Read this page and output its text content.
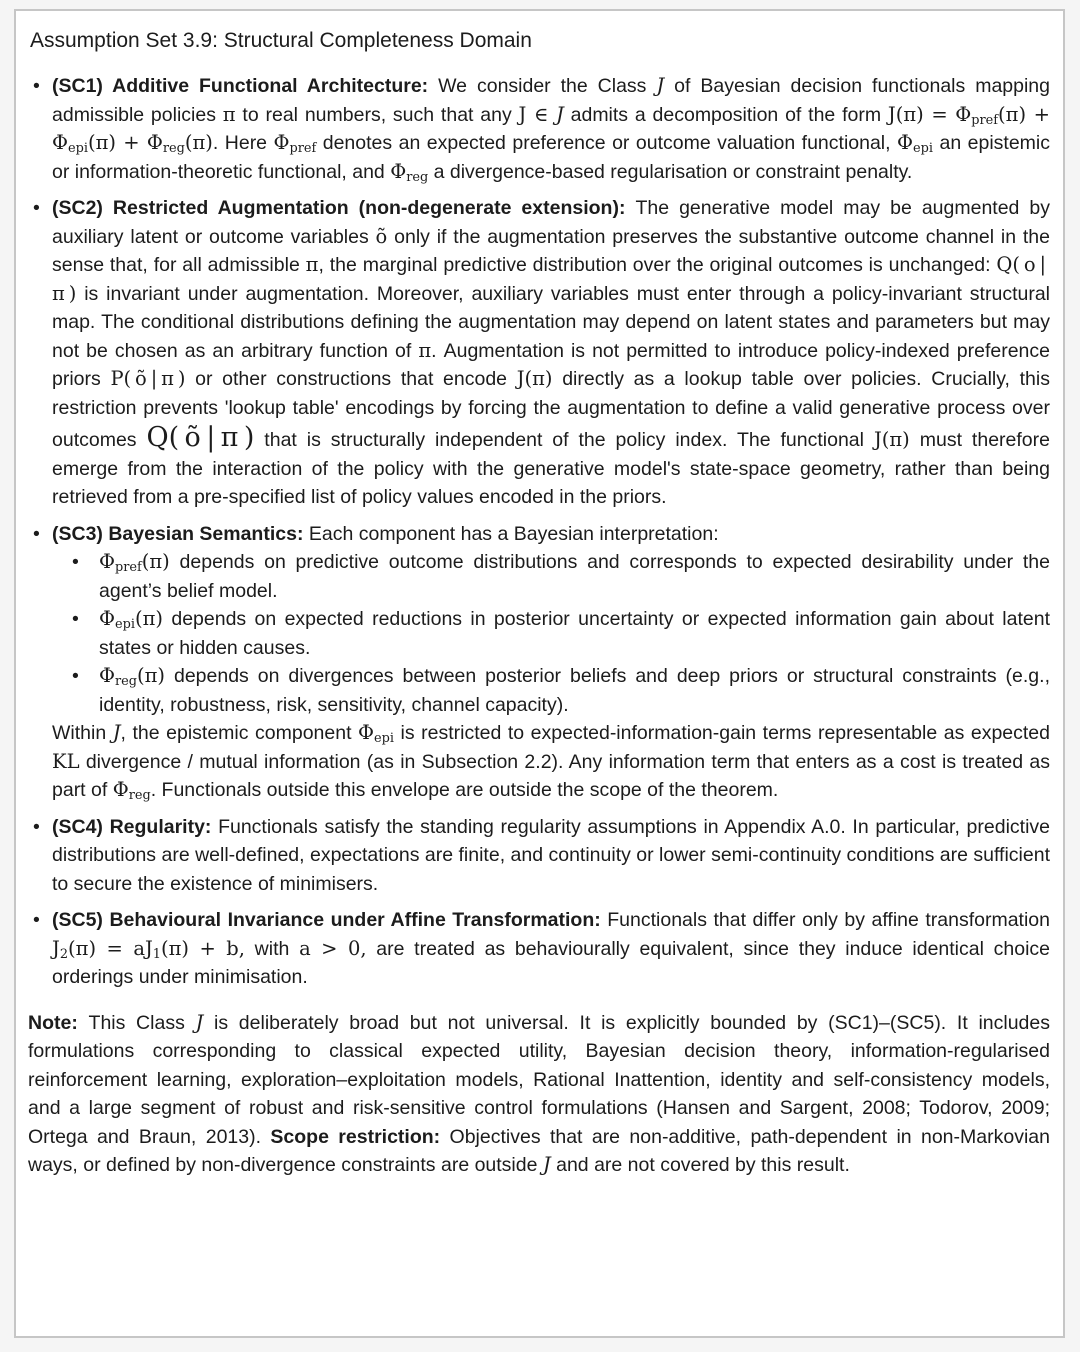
Assumption Set 3.9: Structural Completeness Domain
• (SC1) Additive Functional Architecture: We consider the Class J of Bayesian decision functionals mapping admissible policies π to real numbers, such that any J ∈ J admits a decomposition of the form J(π) = Φpref(π) + Φepi(π) + Φreg(π). Here Φpref denotes an expected preference or outcome valuation functional, Φepi an epistemic or information-theoretic functional, and Φreg a divergence-based regularisation or constraint penalty.
• (SC2) Restricted Augmentation (non-degenerate extension): The generative model may be augmented by auxiliary latent or outcome variables õ only if the augmentation preserves the substantive outcome channel in the sense that, for all admissible π, the marginal predictive distribution over the original outcomes is unchanged: Q( o | π ) is invariant under augmentation. Moreover, auxiliary variables must enter through a policy-invariant structural map. The conditional distributions defining the augmentation may depend on latent states and parameters but may not be chosen as an arbitrary function of π. Augmentation is not permitted to introduce policy-indexed preference priors P( õ | π ) or other constructions that encode J(π) directly as a lookup table over policies. Crucially, this restriction prevents 'lookup table' encodings by forcing the augmentation to define a valid generative process over outcomes Q( õ | π ) that is structurally independent of the policy index. The functional J(π) must therefore emerge from the interaction of the policy with the generative model's state-space geometry, rather than being retrieved from a pre-specified list of policy values encoded in the priors.
• (SC3) Bayesian Semantics: Each component has a Bayesian interpretation:
•	Φpref(π) depends on predictive outcome distributions and corresponds to expected desirability under the agent’s belief model.
•	Φepi(π) depends on expected reductions in posterior uncertainty or expected information gain about latent states or hidden causes.
•	Φreg(π) depends on divergences between posterior beliefs and deep priors or structural constraints (e.g., identity, robustness, risk, sensitivity, channel capacity).
Within J, the epistemic component Φepi is restricted to expected-information-gain terms representable as expected KL divergence / mutual information (as in Subsection 2.2). Any information term that enters as a cost is treated as part of Φreg. Functionals outside this envelope are outside the scope of the theorem.
• (SC4) Regularity: Functionals satisfy the standing regularity assumptions in Appendix A.0. In particular, predictive distributions are well-defined, expectations are finite, and continuity or lower semi-continuity conditions are sufficient to secure the existence of minimisers.
• (SC5) Behavioural Invariance under Affine Transformation: Functionals that differ only by affine transformation J2(π) = aJ1(π) + b, with a > 0, are treated as behaviourally equivalent, since they induce identical choice orderings under minimisation.
Note: This Class J is deliberately broad but not universal. It is explicitly bounded by (SC1)–(SC5). It includes formulations corresponding to classical expected utility, Bayesian decision theory, information-regularised reinforcement learning, exploration–exploitation models, Rational Inattention, identity and self-consistency models, and a large segment of robust and risk-sensitive control formulations (Hansen and Sargent, 2008; Todorov, 2009; Ortega and Braun, 2013). Scope restriction: Objectives that are non-additive, path-dependent in non-Markovian ways, or defined by non-divergence constraints are outside J and are not covered by this result.
